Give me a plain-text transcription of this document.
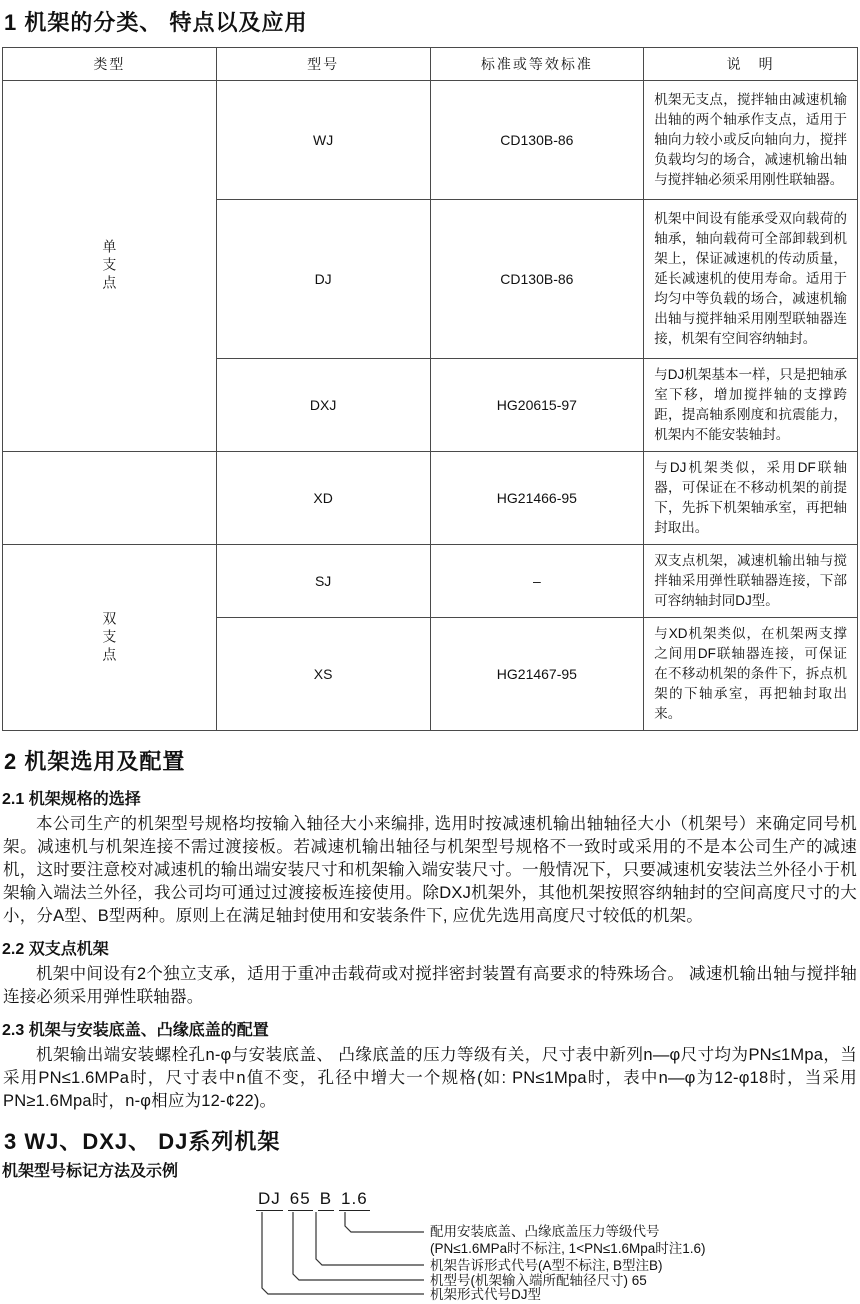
1 机架的分类、 特点以及应用
类型	型号	标准或等效标准	说　明

单支点	WJ	CD130B-86	机架无支点，搅拌轴由减速机输出轴的两个轴承作支点，适用于轴向力较小或反向轴向力，搅拌负载均匀的场合，减速机输出轴与搅拌轴必须采用刚性联轴器。
	DJ	CD130B-86	机架中间设有能承受双向载荷的轴承，轴向载荷可全部卸载到机架上，保证减速机的传动质量，延长减速机的使用寿命。适用于均匀中等负载的场合，减速机输出轴与搅拌轴采用刚型联轴器连接，机架有空间容纳轴封。
	DXJ	HG20615-97	与DJ机架基本一样，只是把轴承室下移，增加搅拌轴的支撑跨距，提高轴系刚度和抗震能力，机架内不能安装轴封。
	XD	HG21466-95	与DJ机架类似，采用DF联轴器，可保证在不移动机架的前提下，先拆下机架轴承室，再把轴封取出。

双支点	SJ	–	双支点机架，减速机输出轴与搅拌轴采用弹性联轴器连接，下部可容纳轴封同DJ型。
	XS	HG21467-95	与XD机架类似，在机架两支撑之间用DF联轴器连接，可保证在不移动机架的条件下，拆点机架的下轴承室，再把轴封取出来。
2 机架选用及配置
2.1 机架规格的选择

本公司生产的机架型号规格均按输入轴径大小来编排, 选用时按减速机输出轴轴径大小（机架号）来确定同号机架。减速机与机架连接不需过渡接板。若减速机输出轴径与机架型号规格不一致时或采用的不是本公司生产的减速机，这时要注意校对减速机的输出端安装尺寸和机架输入端安装尺寸。一般情况下，只要减速机安装法兰外径小于机架输入端法兰外径，我公司均可通过过渡接板连接使用。除DXJ机架外，其他机架按照容纳轴封的空间高度尺寸的大小，分A型、B型两种。原则上在满足轴封使用和安装条件下, 应优先选用高度尺寸较低的机架。

2.2 双支点机架

机架中间设有2个独立支承，适用于重冲击载荷或对搅拌密封装置有高要求的特殊场合。 减速机输出轴与搅拌轴连接必须采用弹性联轴器。

2.3 机架与安装底盖、凸缘底盖的配置

机架输出端安装螺栓孔n-φ与安装底盖、 凸缘底盖的压力等级有关，尺寸表中新列n—φ尺寸均为PN≤1Mpa，当采用PN≤1.6MPa时，尺寸表中n值不变，孔径中增大一个规格(如: PN≤1Mpa时，表中n—φ为12-φ18时，当采用PN≥1.6Mpa时，n-φ相应为12-¢22)。

3 WJ、DXJ、 DJ系列机架
机架型号标记方法及示例
DJ 65 B 1.6
配用安装底盖、凸缘底盖压力等级代号
(PN≤1.6MPa时不标注, 1<PN≤1.6Mpa时注1.6)
机架告诉形式代号(A型不标注, B型注B)
机型号(机架输入端所配轴径尺寸) 65
机架形式代号DJ型
